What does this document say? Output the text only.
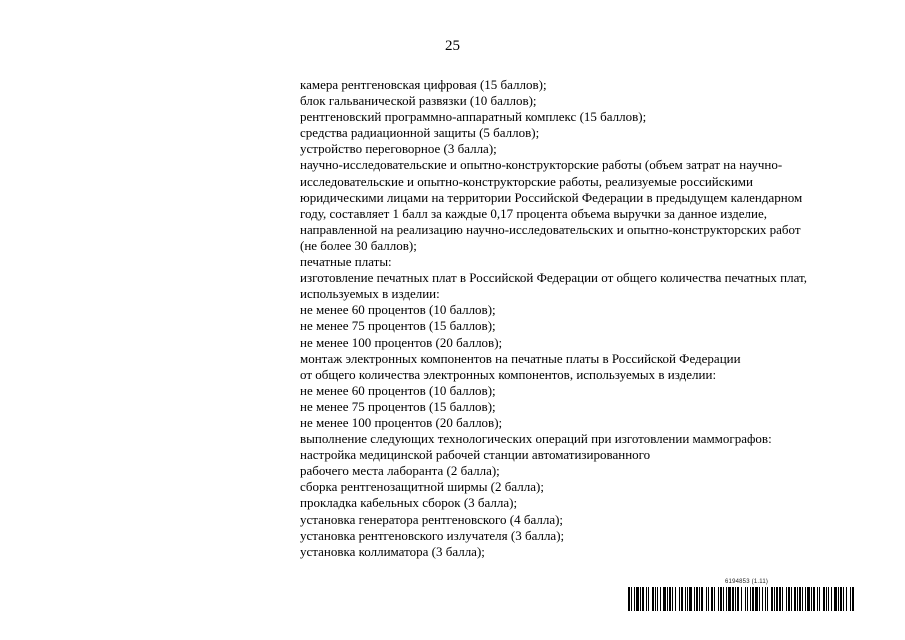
25
камера рентгеновская цифровая (15 баллов);
блок гальванической развязки (10 баллов);
рентгеновский программно-аппаратный комплекс (15 баллов);
средства радиационной защиты (5 баллов);
устройство переговорное (3 балла);
научно-исследовательские и опытно-конструкторские работы (объем затрат на научно-
исследовательские и опытно-конструкторские работы, реализуемые российскими
юридическими лицами на территории Российской Федерации в предыдущем календарном
году, составляет 1 балл за каждые 0,17 процента объема выручки за данное изделие,
направленной на реализацию научно-исследовательских и опытно-конструкторских работ
(не более 30 баллов);
печатные платы:
изготовление печатных плат в Российской Федерации от общего количества печатных плат,
используемых в изделии:
не менее 60 процентов (10 баллов);
не менее 75 процентов (15 баллов);
не менее 100 процентов (20 баллов);
монтаж электронных компонентов на печатные платы в Российской Федерации
от общего количества электронных компонентов, используемых в изделии:
не менее 60 процентов (10 баллов);
не менее 75 процентов (15 баллов);
не менее 100 процентов (20 баллов);
выполнение следующих технологических операций при изготовлении маммографов:
настройка медицинской рабочей станции автоматизированного
рабочего места лаборанта (2 балла);
сборка рентгенозащитной ширмы (2 балла);
прокладка кабельных сборок (3 балла);
установка генератора рентгеновского (4 балла);
установка рентгеновского излучателя (3 балла);
установка коллиматора (3 балла);
6194853 (1.11)
